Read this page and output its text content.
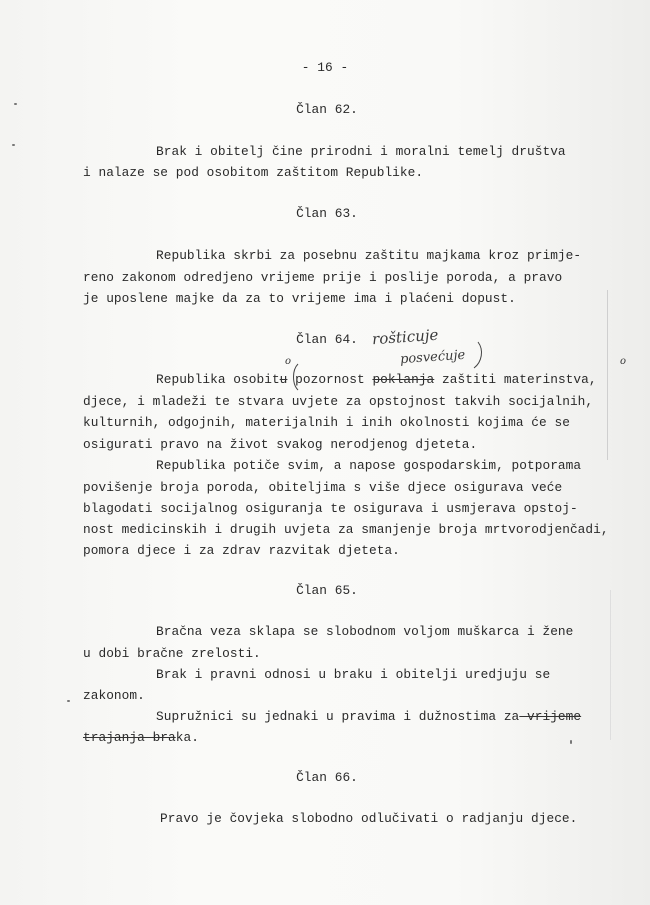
- 16 -
Član 62.
Brak i obitelj čine prirodni i moralni temelj društva
i nalaze se pod osobitom zaštitom Republike.
Član 63.
Republika skrbi za posebnu zaštitu majkama kroz primje-
reno zakonom odredjeno vrijeme prije i poslije poroda, a pravo
je uposlene majke da za to vrijeme ima i plaćeni dopust.
Član 64. rošticuje
posvećuje
o	o
Republika osobitu pozornost poklanja zaštiti materinstva,
djece, i mladeži te stvara uvjete za opstojnost takvih socijalnih,
kulturnih, odgojnih, materijalnih i inih okolnosti kojima će se
osigurati pravo na život svakog nerodjenog djeteta.
Republika potiče svim, a napose gospodarskim, potporama
povišenje broja poroda, obiteljima s više djece osigurava veće
blagodati socijalnog osiguranja te osigurava i usmjerava opstoj-
nost medicinskih i drugih uvjeta za smanjenje broja mrtvorodjenčadi,
pomora djece i za zdrav razvitak djeteta.
Član 65.
Bračna veza sklapa se slobodnom voljom muškarca i žene
u dobi bračne zrelosti.
Brak i pravni odnosi u braku i obitelji uredjuju se
zakonom.
Supružnici su jednaki u pravima i dužnostima za vrijeme
trajanja braka.
Član 66.
Pravo je čovjeka slobodno odlučivati o radjanju djece.
